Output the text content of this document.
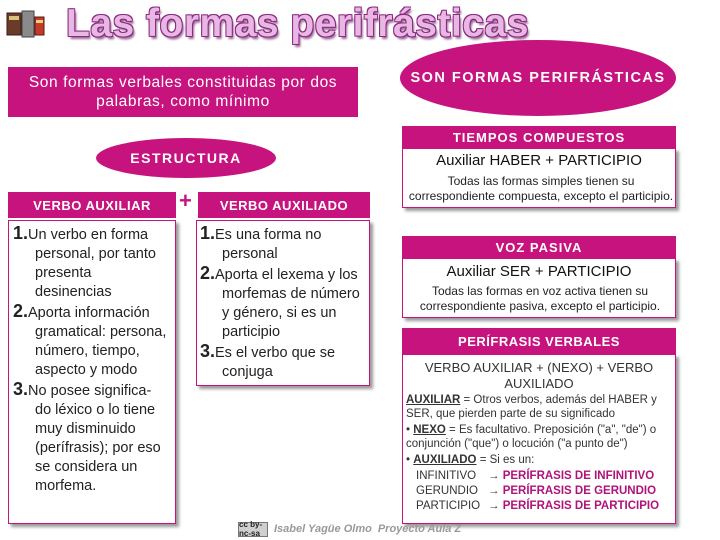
Las formas perifrásticas
Son formas verbales constituidas por dos palabras, como mínimo
SON FORMAS PERIFRÁSTICAS
ESTRUCTURA
TIEMPOS COMPUESTOS
Auxiliar HABER + PARTICIPIO
Todas las formas simples tienen su correspondiente compuesta, excepto el participio.
VERBO AUXILIAR	+	VERBO AUXILIADO
1.Un verbo en forma
personal, por tanto presenta desinencias
2.Aporta información
gramatical: persona, número, tiempo, aspecto y modo
3.No posee significa-
do léxico o lo tiene muy disminuido (perífrasis); por eso se considera un morfema.
1.Es una forma no
personal
2.Aporta el lexema y los
morfemas de número y género, si es un participio
3.Es el verbo que se
conjuga
VOZ PASIVA
Auxiliar SER + PARTICIPIO
Todas las formas en voz activa tienen su correspondiente pasiva, excepto el participio.
PERÍFRASIS VERBALES
VERBO AUXILIAR + (NEXO) + VERBO AUXILIADO
AUXILIAR = Otros verbos, además del HABER y SER, que pierden parte de su significado
• NEXO = Es facultativo. Preposición ("a", "de") o conjunción ("que") o locución ("a punto de")
• AUXILIADO = Si es un:
INFINITIVO → PERÍFRASIS DE INFINITIVO
GERUNDIO → PERÍFRASIS DE GERUNDIO
PARTICIPIO → PERÍFRASIS DE PARTICIPIO
cc by-nc-sa	Isabel Yagüe Olmo Proyecto Aula Z
